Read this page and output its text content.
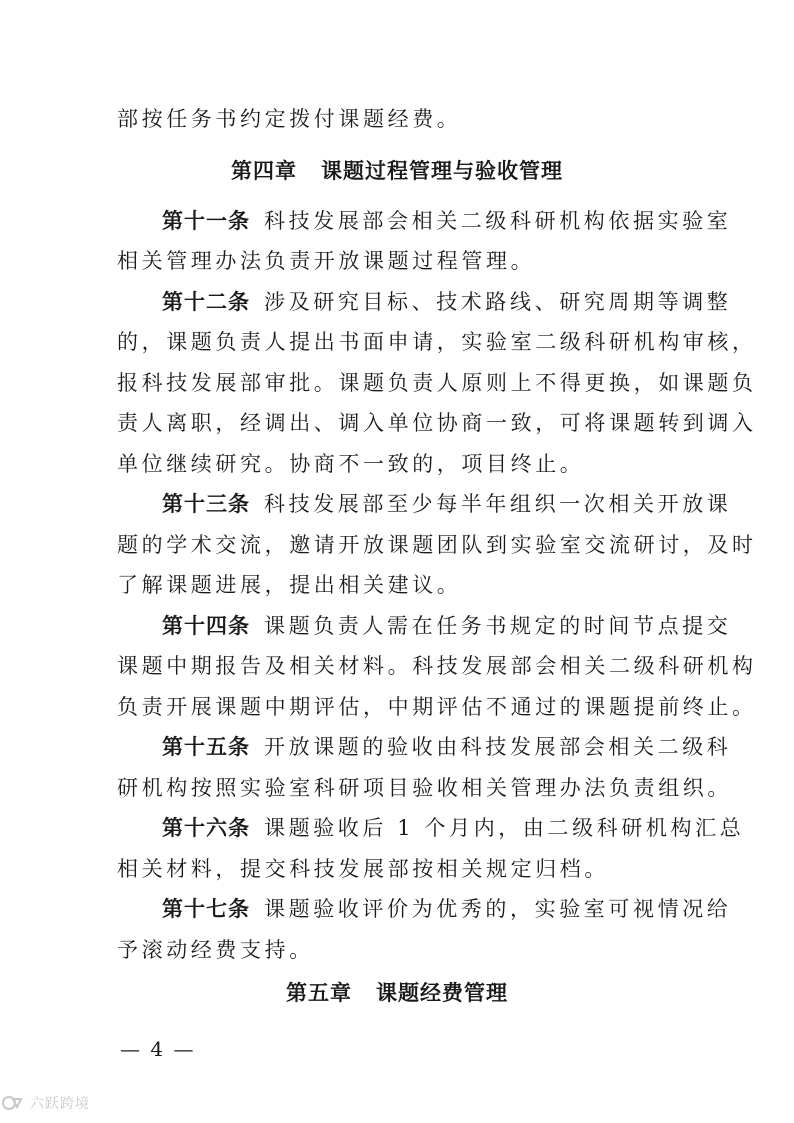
部按任务书约定拨付课题经费。
第四章 课题过程管理与验收管理
第十一条 科技发展部会相关二级科研机构依据实验室
相关管理办法负责开放课题过程管理。
第十二条 涉及研究目标、技术路线、研究周期等调整
的，课题负责人提出书面申请，实验室二级科研机构审核，
报科技发展部审批。课题负责人原则上不得更换，如课题负
责人离职，经调出、调入单位协商一致，可将课题转到调入
单位继续研究。协商不一致的，项目终止。
第十三条 科技发展部至少每半年组织一次相关开放课
题的学术交流，邀请开放课题团队到实验室交流研讨，及时
了解课题进展，提出相关建议。
第十四条 课题负责人需在任务书规定的时间节点提交
课题中期报告及相关材料。科技发展部会相关二级科研机构
负责开展课题中期评估，中期评估不通过的课题提前终止。
第十五条 开放课题的验收由科技发展部会相关二级科
研机构按照实验室科研项目验收相关管理办法负责组织。
第十六条 课题验收后 1 个月内，由二级科研机构汇总
相关材料，提交科技发展部按相关规定归档。
第十七条 课题验收评价为优秀的，实验室可视情况给
予滚动经费支持。
第五章 课题经费管理
— 4 —
六跃跨境
